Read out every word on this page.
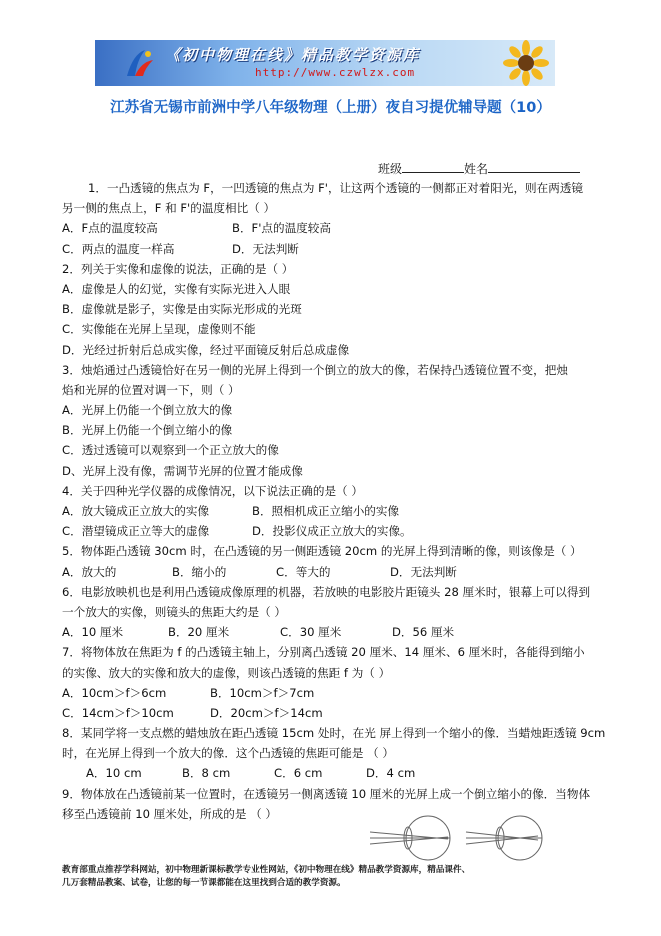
《初中物理在线》精品教学资源库
http://www.czwlzx.com
江苏省无锡市前洲中学八年级物理（上册）夜自习提优辅导题（10）
班级	姓名
1．一凸透镜的焦点为 F，一凹透镜的焦点为 F'，让这两个透镜的一侧都正对着阳光，则在两透镜
另一侧的焦点上，F 和 F'的温度相比（ ）
A．F点的温度较高	B．F'点的温度较高
C．两点的温度一样高	D．无法判断
2．列关于实像和虚像的说法，正确的是（ ）
A．虚像是人的幻觉，实像有实际光进入人眼
B．虚像就是影子，实像是由实际光形成的光斑
C．实像能在光屏上呈现，虚像则不能
D．光经过折射后总成实像，经过平面镜反射后总成虚像
3．烛焰通过凸透镜恰好在另一侧的光屏上得到一个倒立的放大的像，若保持凸透镜位置不变，把烛
焰和光屏的位置对调一下，则（ ）
A．光屏上仍能一个倒立放大的像
B．光屏上仍能一个倒立缩小的像
C．透过透镜可以观察到一个正立放大的像
D、光屏上没有像，需调节光屏的位置才能成像
4．关于四种光学仪器的成像情况，以下说法正确的是（ ）
A．放大镜成正立放大的实像	B．照相机成正立缩小的实像
C．潜望镜成正立等大的虚像	D．投影仪成正立放大的实像。
5．物体距凸透镜 30cm 时，在凸透镜的另一侧距透镜 20cm 的光屏上得到清晰的像，则该像是（ ）
A．放大的	B．缩小的	C．等大的	D．无法判断
6．电影放映机也是利用凸透镜成像原理的机器，若放映的电影胶片距镜头 28 厘米时，银幕上可以得到
一个放大的实像，则镜头的焦距大约是（ ）
A．10 厘米	B．20 厘米	C．30 厘米	D．56 厘米
7．将物体放在焦距为 f 的凸透镜主轴上，分别离凸透镜 20 厘米、14 厘米、6 厘米时，各能得到缩小
的实像、放大的实像和放大的虚像，则该凸透镜的焦距 f 为（ ）
A．10cm＞f＞6cm	B．10cm＞f＞7cm
C．14cm＞f＞10cm	D．20cm＞f＞14cm
8．某同学将一支点燃的蜡烛放在距凸透镜 15cm 处时，在光 屏上得到一个缩小的像．当蜡烛距透镜 9cm
时，在光屏上得到一个放大的像．这个凸透镜的焦距可能是 （ ）
A．10 cm	B．8 cm	C．6 cm	D．4 cm
9．物体放在凸透镜前某一位置时，在透镜另一侧离透镜 10 厘米的光屏上成一个倒立缩小的像．当物体
移至凸透镜前 10 厘米处，所成的是 （ ）
教育部重点推荐学科网站，初中物理新课标教学专业性网站，《初中物理在线》精品教学资源库，精品课件、
几万套精品教案、试卷，让您的每一节课都能在这里找到合适的教学资源。
